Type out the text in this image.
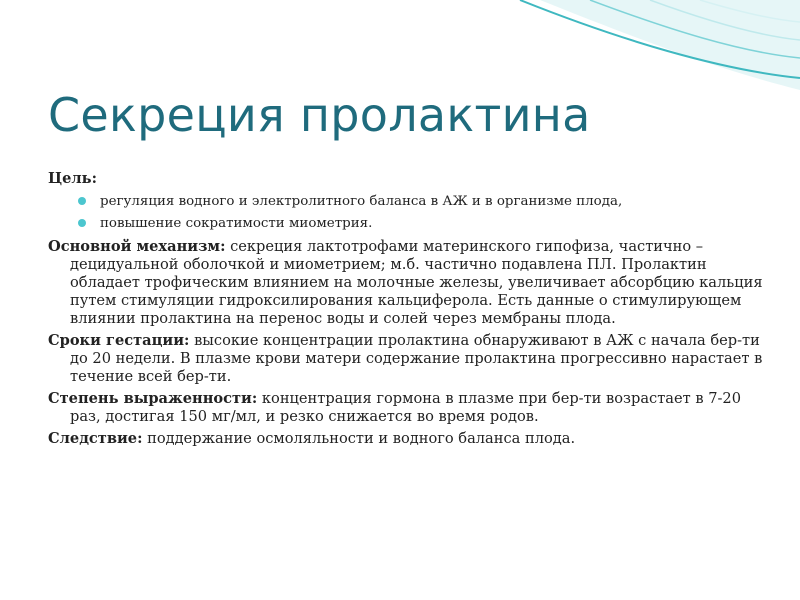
Секреция пролактина

Цель:

регуляция водного и электролитного баланса в АЖ и в организме плода,
повышение сократимости миометрия.

Основной механизм: секреция лактотрофами материнского гипофиза, частично – децидуальной оболочкой и миометрием; м.б. частично подавлена ПЛ. Пролактин обладает трофическим влиянием на молочные железы, увеличивает абсорбцию кальция путем стимуляции гидроксилирования кальциферола. Есть данные о стимулирующем влиянии пролактина на перенос воды и солей через мембраны плода.

Сроки гестации: высокие концентрации пролактина обнаруживают в АЖ с начала бер-ти до 20 недели. В плазме крови матери содержание пролактина прогрессивно нарастает в течение всей бер-ти.

Степень выраженности: концентрация гормона в плазме при бер-ти возрастает в 7-20 раз, достигая 150 мг/мл, и резко снижается во время родов.

Следствие: поддержание осмоляльности и водного баланса плода.
